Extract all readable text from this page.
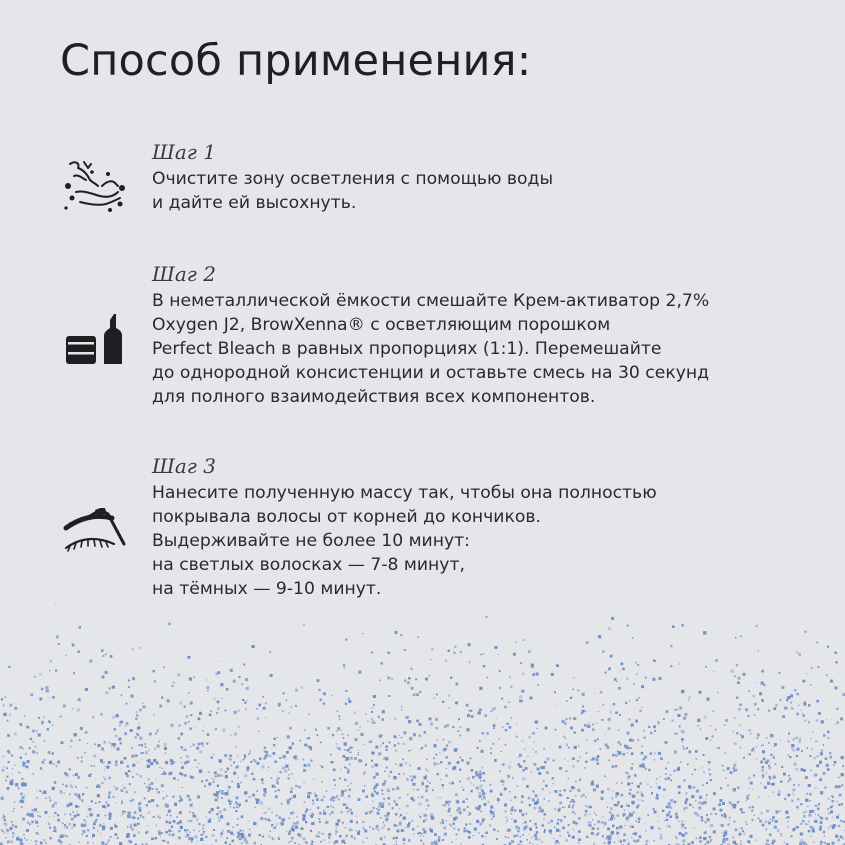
Способ применения:
Шаг 1
Очистите зону осветления с помощью воды
и дайте ей высохнуть.
Шаг 2
В неметаллической ёмкости смешайте Крем-активатор 2,7%
Oxygen J2, BrowXenna® с осветляющим порошком
Perfect Bleach в равных пропорциях (1:1). Перемешайте
до однородной консистенции и оставьте смесь на 30 секунд
для полного взаимодействия всех компонентов.
Шаг 3
Нанесите полученную массу так, чтобы она полностью
покрывала волосы от корней до кончиков.
Выдерживайте не более 10 минут:
на светлых волосках — 7-8 минут,
на тёмных — 9-10 минут.
